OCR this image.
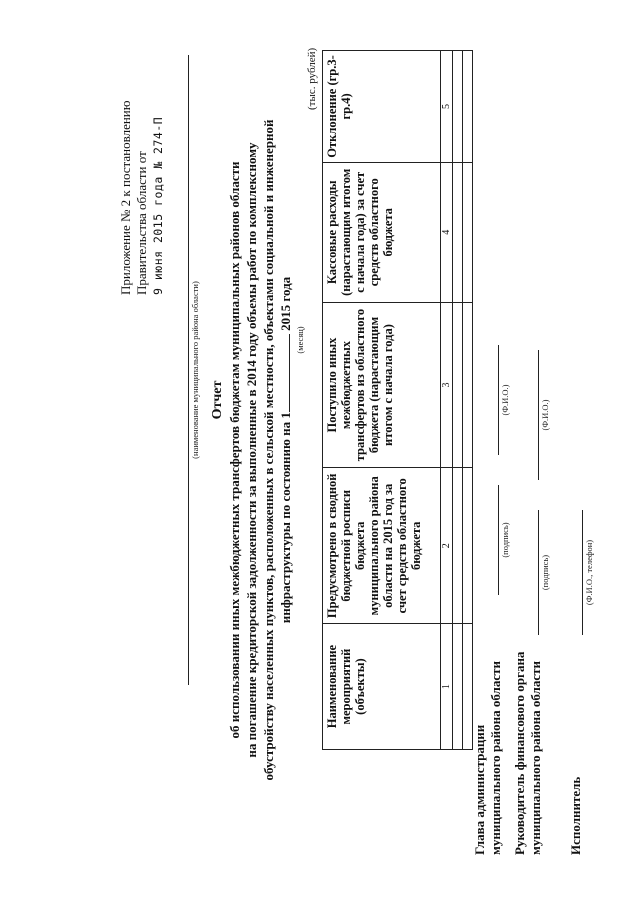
Приложение № 2 к постановлению Правительства области от 9 июня 2015 года № 274-П
(наименование муниципального района области) Отчет об использовании иных межбюджетных трансфертов бюджетам муниципальных районов области на погашение кредиторской задолженности за выполненные в 2014 году объемы работ по комплексному обустройству населенных пунктов, расположенных в сельской местности, объектами социальной и инженерной инфраструктуры по состоянию на 1 2015 года
(месяц)
(тыс. рублей)
Наименование мероприятий (объекты)	Предусмотрено в сводной бюджетной росписи бюджета муниципального района области на 2015 год за счет средств областного бюджета	Поступило иных межбюджетных трансфертов из областного бюджета (нарастающим итогом с начала года)	Кассовые расходы (нарастающим итогом с начала года) за счет средств областного бюджета	Отклонение (гр.3-гр.4)
1	2	3	4	5

Глава администрации муниципального района области
(подпись)
(Ф.И.О.)
Руководитель финансового органа муниципального района области
(подпись)
(Ф.И.О.)
Исполнитель
(Ф.И.О., телефон)
